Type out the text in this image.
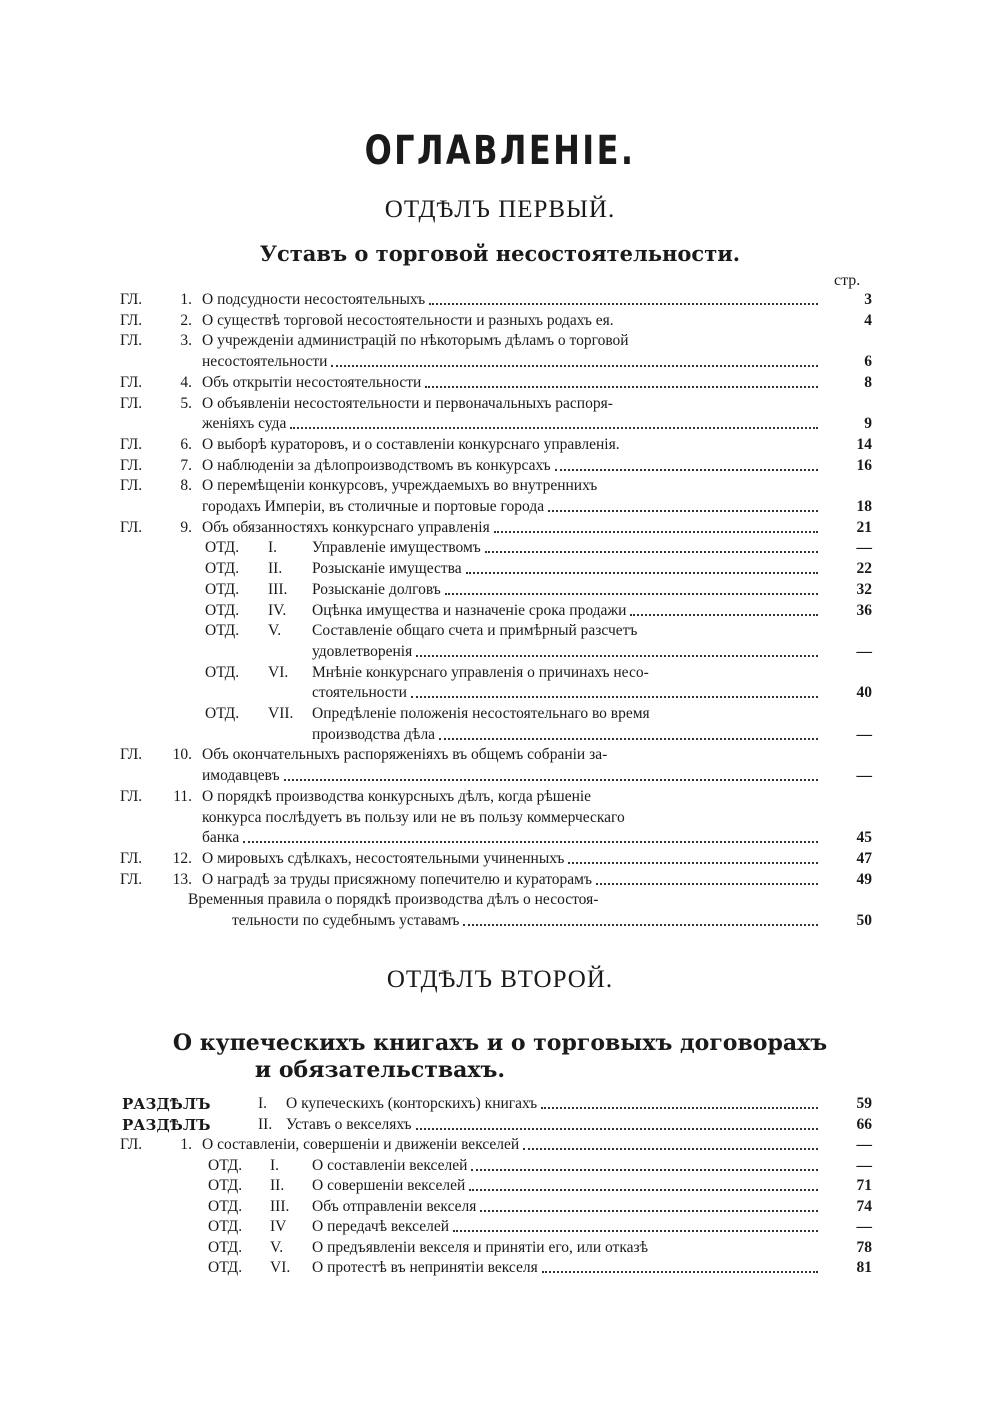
ОГЛАВЛЕНІЕ.
ОТДѢЛЪ ПЕРВЫЙ.
Уставъ о торговой несостоятельности.
стр.
ГЛ.	1. О подсудности несостоятельныхъ	3
ГЛ.	2. О существѣ торговой несостоятельности и разныхъ родахъ ея.	4
ГЛ.	3. О учрежденіи администрацій по нѣкоторымъ дѣламъ о торговой
несостоятельности	6
ГЛ.	4. Объ открытіи несостоятельности	8
ГЛ.	5. О объявленіи несостоятельности и первоначальныхъ распоря-
женіяхъ суда	9
ГЛ.	6. О выборѣ кураторовъ, и о составленіи конкурснаго управленія.	14
ГЛ.	7. О наблюденіи за дѣлопроизводствомъ въ конкурсахъ	16
ГЛ.	8. О перемѣщеніи конкурсовъ, учреждаемыхъ во внутреннихъ
городахъ Имперіи, въ столичные и портовые города	18
ГЛ.	9. Объ обязанностяхъ конкурснаго управленія	21
ОТД. I. Управленіе имуществомъ	—
ОТД. II. Розысканіе имущества	22
ОТД. III. Розысканіе долговъ	32
ОТД. IV. Оцѣнка имущества и назначеніе срока продажи	36
ОТД. V. Составленіе общаго счета и примѣрный разсчетъ
удовлетворенія	—
ОТД. VI. Мнѣніе конкурснаго управленія о причинахъ несо-
стоятельности	40
ОТД. VII. Опредѣленіе положенія несостоятельнаго во время
производства дѣла	—
ГЛ.	10. Объ окончательныхъ распоряженіяхъ въ общемъ собраніи за-
имодавцевъ	—
ГЛ.	11. О порядкѣ производства конкурсныхъ дѣлъ, когда рѣшеніе
конкурса послѣдуетъ въ пользу или не въ пользу коммерческаго
банка	45
ГЛ.	12. О мировыхъ сдѣлкахъ, несостоятельными учиненныхъ	47
ГЛ.	13. О наградѣ за труды присяжному попечителю и кураторамъ	49
Временныя правила о порядкѣ производства дѣлъ о несостоя-
тельности по судебнымъ уставамъ	50
ОТДѢЛЪ ВТОРОЙ.
О купеческихъ книгахъ и о торговыхъ договорахъ
и обязательствахъ.
РАЗДѢЛЪ	I. О купеческихъ (конторскихъ) книгахъ	59
РАЗДѢЛЪ	II. Уставъ о векселяхъ	66
ГЛ.	1. О составленіи, совершеніи и движеніи векселей	—
ОТД. I. О составленіи векселей	—
ОТД. II. О совершеніи векселей	71
ОТД. III. Объ отправленіи векселя	74
ОТД. IV О передачѣ векселей	—
ОТД. V. О предъявленіи векселя и принятіи его, или отказѣ	78
ОТД. VI. О протестѣ въ непринятіи векселя	81
